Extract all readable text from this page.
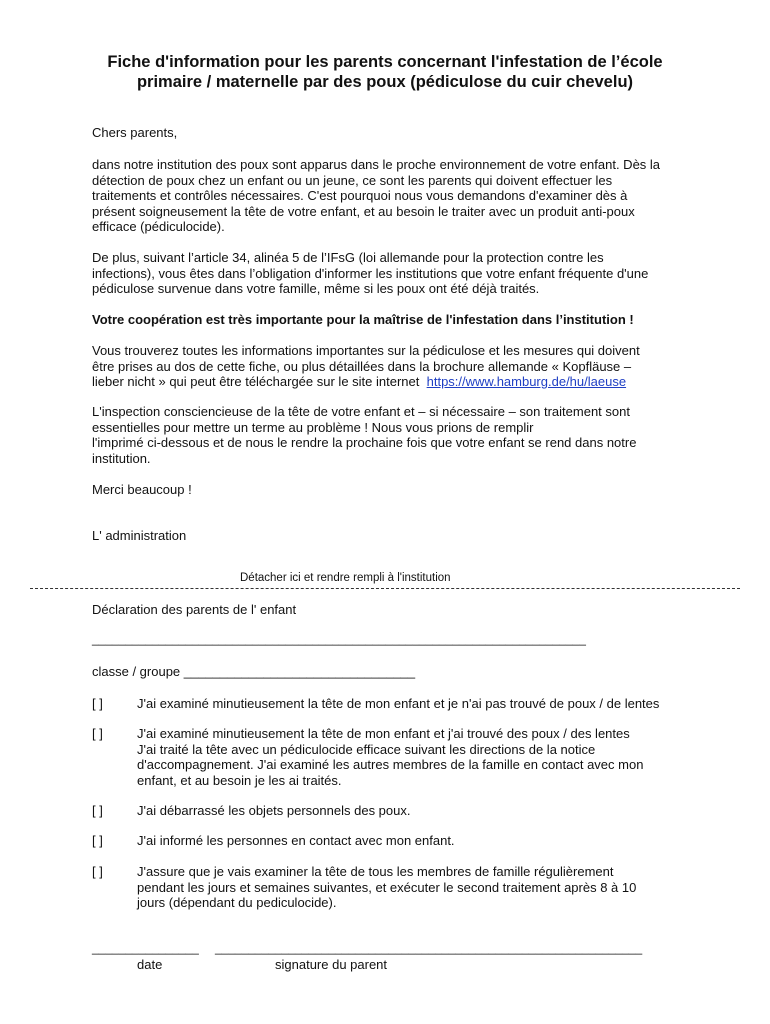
Fiche d'information pour les parents concernant l'infestation de l’école
primaire / maternelle par des poux (pédiculose du cuir chevelu)
Chers parents,
dans notre institution des poux sont apparus dans le proche environnement de votre enfant. Dès la
détection de poux chez un enfant ou un jeune, ce sont les parents qui doivent effectuer les
traitements et contrôles nécessaires. C'est pourquoi nous vous demandons d'examiner dès à
présent soigneusement la tête de votre enfant, et au besoin le traiter avec un produit anti-poux
efficace (pédiculocide).
De plus, suivant l’article 34, alinéa 5 de l’IFsG (loi allemande pour la protection contre les
infections), vous êtes dans l’obligation d'informer les institutions que votre enfant fréquente d'une
pédiculose survenue dans votre famille, même si les poux ont été déjà traités.
Votre coopération est très importante pour la maîtrise de l'infestation dans l’institution !
Vous trouverez toutes les informations importantes sur la pédiculose et les mesures qui doivent
être prises au dos de cette fiche, ou plus détaillées dans la brochure allemande « Kopfläuse –
lieber nicht » qui peut être téléchargée sur le site internet https://www.hamburg.de/hu/laeuse
L'inspection consciencieuse de la tête de votre enfant et – si nécessaire – son traitement sont
essentielles pour mettre un terme au problème ! Nous vous prions de remplir
l'imprimé ci-dessous et de nous le rendre la prochaine fois que votre enfant se rend dans notre
institution.
Merci beaucoup !
L' administration
Détacher ici et rendre rempli à l'institution
Déclaration des parents de l' enfant
__________________________________________________________________________
classe / groupe ________________________________
[ ]	J'ai examiné minutieusement la tête de mon enfant et je n'ai pas trouvé de poux / de lentes
[ ]	J'ai examiné minutieusement la tête de mon enfant et j'ai trouvé des poux / des lentes
J'ai traité la tête avec un pédiculocide efficace suivant les directions de la notice
d'accompagnement. J'ai examiné les autres membres de la famille en contact avec mon
enfant, et au besoin je les ai traités.
[ ]	J'ai débarrassé les objets personnels des poux.
[ ]	J'ai informé les personnes en contact avec mon enfant.
[ ]	J'assure que je vais examiner la tête de tous les membres de famille régulièrement
pendant les jours et semaines suivantes, et exécuter le second traitement après 8 à 10
jours (dépendant du pediculocide).
________________ ________________________________________________________________
date	signature du parent
